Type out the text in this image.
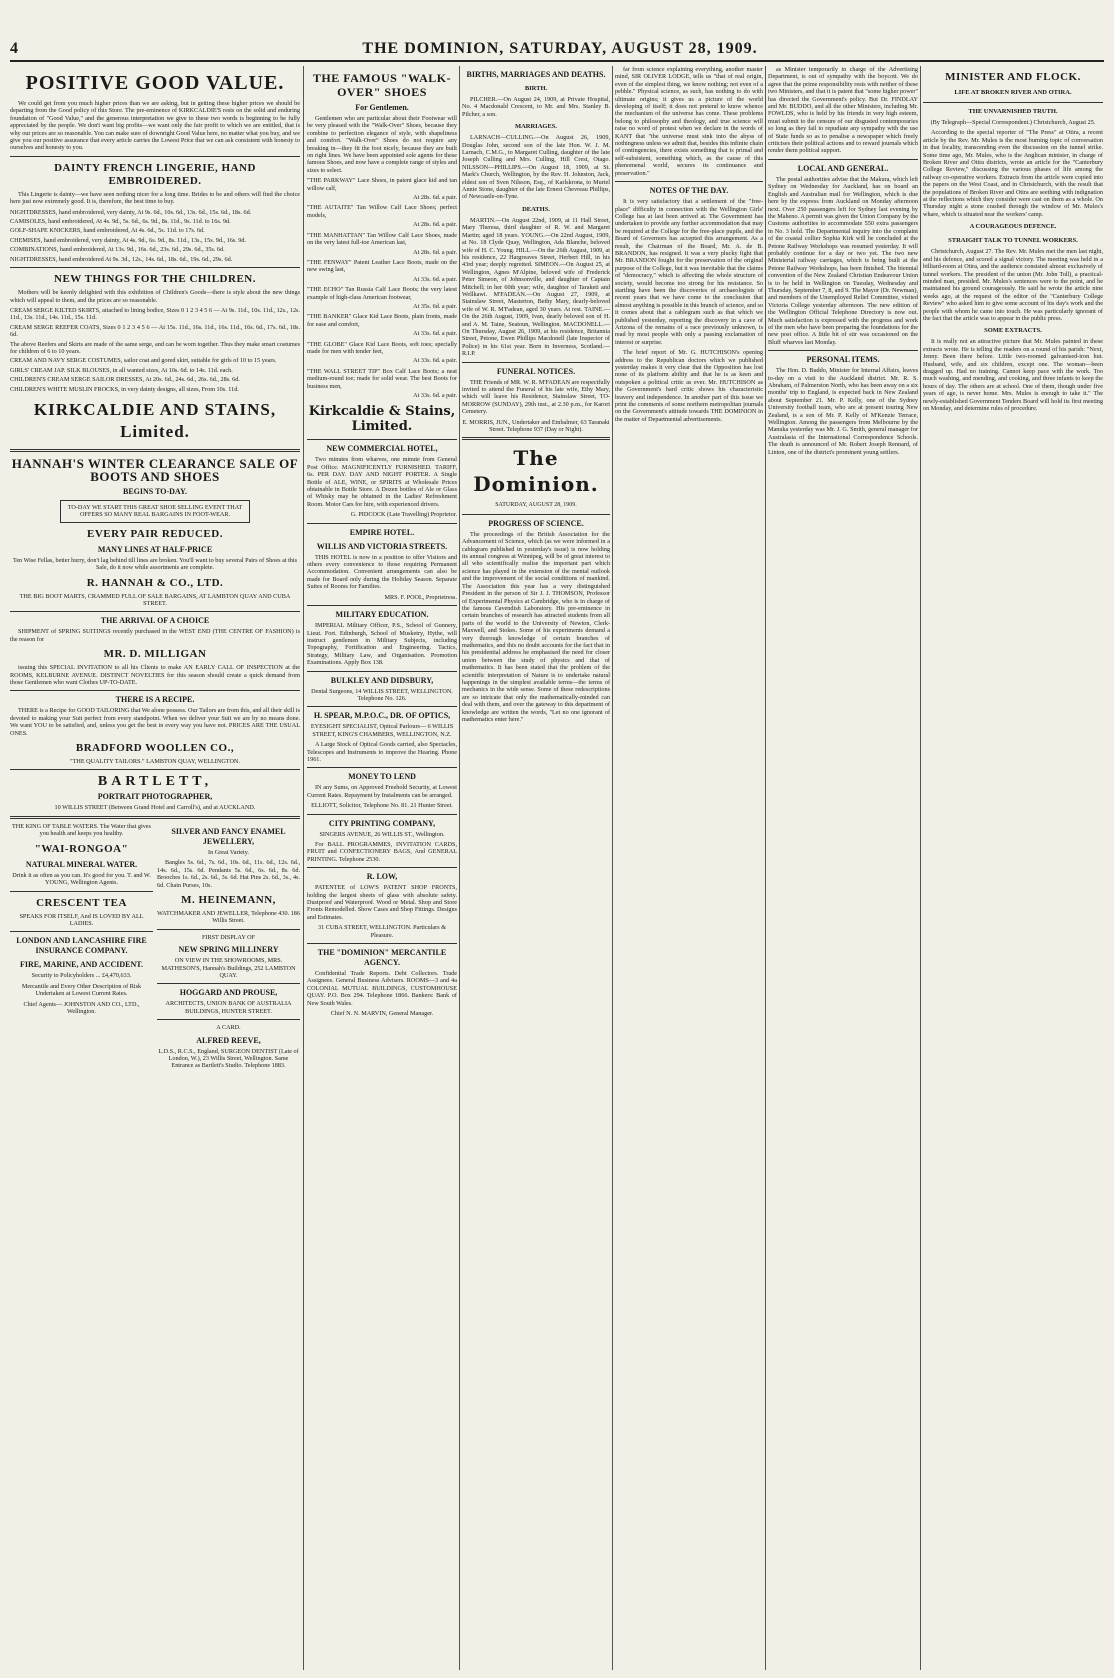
4	THE DOMINION, SATURDAY, AUGUST 28, 1909.
POSITIVE GOOD VALUE.

We could get from you much higher prices than we are asking, but in getting these higher prices we should be departing from the Good policy of this Store. The pre-eminence of KIRKCALDIE'S rests on the solid and enduring foundation of "Good Value," and the generous interpretation we give to these two words is beginning to be fully appreciated by the people. We don't want big profits—we want only the fair profit to which we are entitled, that is why our prices are so reasonable. You can make sure of downright Good Value here, no matter what you buy, and we give you our positive assurance that every article carries the Lowest Price that we can ask consistent with honesty to ourselves and honesty to you.

DAINTY FRENCH LINGERIE, HAND EMBROIDERED.

This Lingerie is dainty—we have seen nothing nicer for a long time. Brides to be and others will find the choice here just now extremely good. It is, therefore, the best time to buy.

NIGHTDRESSES, hand embroidered, very dainty, At 9s. 6d., 10s. 6d., 13s. 6d., 15s. 6d., 18s. 6d.

CAMISOLES, hand embroidered, At 4s. 9d., 5s. 6d., 6s. 9d., 8s. 11d., 9s. 11d. to 16s. 9d.

GOLF-SHAPE KNICKERS, hand embroidered, At 4s. 6d., 5s. 11d. to 17s. 6d.

CHEMISES, hand embroidered, very dainty, At 4s. 9d., 6s. 9d., 8s. 11d., 13s., 15s. 9d., 16s. 9d.

COMBINATIONS, hand embroidered, At 13s. 9d., 16s. 6d., 23s. 6d., 29s. 6d., 35s. 6d.

NIGHTDRESSES, hand embroidered At 9s. 3d., 12s., 14s. 6d., 18s. 6d., 19s. 6d., 29s. 6d.

NEW THINGS FOR THE CHILDREN.

Mothers will be keenly delighted with this exhibition of Children's Goods—there is style about the new things which will appeal to them, and the prices are so reasonable.

CREAM SERGE KILTED SKIRTS, attached to lining bodice, Sizes 0 1 2 3 4 5 6 — At 9s. 11d., 10s. 11d., 12s., 12s. 11d., 13s. 11d., 14s. 11d., 15s. 11d.

CREAM SERGE REEFER COATS, Sizes 0 1 2 3 4 5 6 — At 15s. 11d., 16s. 11d., 16s. 11d., 16s. 6d., 17s. 6d., 18s. 6d.

The above Reefers and Skirts are made of the same serge, and can be worn together. Thus they make smart costumes for children of 6 to 10 years.

CREAM AND NAVY SERGE COSTUMES, sailor coat and gored skirt, suitable for girls of 10 to 15 years.

GIRLS' CREAM JAP. SILK BLOUSES, in all wanted sizes, At 10s. 6d. to 14s. 11d. each.

CHILDREN'S CREAM SERGE SAILOR DRESSES, At 20s. 6d., 24s. 6d., 26s. 6d., 28s. 6d.

CHILDREN'S WHITE MUSLIN FROCKS, in very dainty designs, all sizes, From 10s. 11d.

KIRKCALDIE AND STAINS, Limited.
HANNAH'S WINTER CLEARANCE SALE OF BOOTS AND SHOES
BEGINS TO-DAY.
TO-DAY WE START THIS GREAT SHOE SELLING EVENT THAT OFFERS SO MANY REAL BARGAINS IN FOOT-WEAR.
EVERY PAIR REDUCED.
MANY LINES AT HALF-PRICE

Ten Wise Fellas, better hurry, don't lag behind till lines are broken. You'll want to buy several Pairs of Shoes at this Sale, do it now while assortments are complete.

R. HANNAH & CO., LTD.

THE BIG BOOT MARTS, CRAMMED FULL OF SALE BARGAINS, AT LAMBTON QUAY AND CUBA STREET.

THE ARRIVAL OF A CHOICE

SHIPMENT of SPRING SUITINGS recently purchased in the WEST END (THE CENTRE OF FASHION) is the reason for

MR. D. MILLIGAN

issuing this SPECIAL INVITATION to all his Clients to make AN EARLY CALL OF INSPECTION at the ROOMS, KELBURNE AVENUE. DISTINCT NOVELTIES for this season should create a quick demand from those Gentlemen who want Clothes UP-TO-DATE.

THERE IS A RECIPE.

THERE is a Recipe for GOOD TAILORING that We alone possess. Our Tailors are from this, and all their skill is devoted to making your Suit perfect from every standpoint. When we deliver your Suit we are by no means done. We want YOU to be satisfied, and, unless you get the best in every way you have not. PRICES ARE THE USUAL ONES.

BRADFORD WOOLLEN CO.,

"THE QUALITY TAILORS." LAMBTON QUAY, WELLINGTON.

BARTLETT,
PORTRAIT PHOTOGRAPHER,

10 WILLIS STREET (Between Grand Hotel and Carroll's), and at AUCKLAND.

THE KING OF TABLE WATERS. The Water that gives you health and keeps you healthy.

"WAI-RONGOA"
NATURAL MINERAL WATER.

Drink it as often as you can. It's good for you. T. and W. YOUNG, Wellington Agents.

CRESCENT TEA

SPEAKS FOR ITSELF, And IS LOVED BY ALL LADIES.

LONDON AND LANCASHIRE FIRE INSURANCE COMPANY.
FIRE, MARINE, AND ACCIDENT.

Security to Policyholders ... £4,470,633.

Mercantile and Every Other Description of Risk Undertaken at Lowest Current Rates.

Chief Agents— JOHNSTON AND CO., LTD., Wellington.

SILVER AND FANCY ENAMEL JEWELLERY,

In Great Variety.

Bangles 5s. 6d., 7s. 6d., 10s. 6d., 11s. 6d., 12s. 6d., 14s. 6d., 15s. 6d. Pendants 5s. 6d., 6s. 6d., 8s. 6d. Brooches 1s. 6d., 2s. 6d., 3s. 6d. Hat Pins 2s. 6d., 3s., 4s. 6d. Chain Purses, 10s.

M. HEINEMANN,

WATCHMAKER AND JEWELLER, Telephone 430. 186 Willis Street.

FIRST DISPLAY OF

NEW SPRING MILLINERY

ON VIEW IN THE SHOWROOMS, MRS. MATHESON'S, Hannah's Buildings, 252 LAMBTON QUAY.

HOGGARD AND PROUSE,

ARCHITECTS, UNION BANK OF AUSTRALIA BUILDINGS, HUNTER STREET.

A CARD.

ALFRED REEVE,

L.D.S., R.C.S., England, SURGEON DENTIST (Late of London, W.), 23 Willis Street, Wellington. Same Entrance as Bartlett's Studio. Telephone 1883.

THE FAMOUS "WALK-OVER" SHOES
For Gentlemen.

Gentlemen who are particular about their Footwear will be very pleased with the "Walk-Over" Shoes, because they combine to perfection elegance of style, with shapeliness and comfort. "Walk-Over" Shoes do not require any breaking in—they fit the foot nicely, because they are built on right lines. We have been appointed sole agents for these famous Shoes, and now have a complete range of styles and sizes to select.

"THE PARKWAY" Lace Shoes, in patent glace kid and tan willow calf,

At 28s. 6d. a pair.

"THE AUTAITE" Tan Willow Calf Lace Shoes; perfect models,

At 28s. 6d. a pair.

"THE MANHATTAN" Tan Willow Calf Lace Shoes, made on the very latest full-toe American last,

At 28s. 6d. a pair.

"THE FENWAY" Patent Leather Lace Boots, made on the new swing last,

At 33s. 6d. a pair.

"THE ECHO" Tan Russia Calf Lace Boots; the very latest example of high-class American footwear,

At 35s. 6d. a pair.

"THE BANKER" Glace Kid Lace Boots, plain fronts, made for ease and comfort,

At 33s. 6d. a pair.

"THE GLOBE" Glace Kid Lace Boots, soft toes; specially made for men with tender feet,

At 33s. 6d. a pair.

"THE WALL STREET TIP" Box Calf Lace Boots; a neat medium-round toe; made for solid wear. The best Boots for business men,

At 33s. 6d. a pair.

Kirkcaldie & Stains, Limited.
NEW COMMERCIAL HOTEL,

Two minutes from wharves, one minute from General Post Office. MAGNIFICENTLY FURNISHED. TARIFF, 6s. PER DAY. DAY AND NIGHT PORTER. A Single Bottle of ALE, WINE, or SPIRITS at Wholesale Prices obtainable in Bottle Store. A Dozen bottles of Ale or Glass of Whisky may be obtained in the Ladies' Refreshment Room. Motor Cars for hire, with experienced drivers.

G. PIDCOCK (Late Travelling) Proprietor.

EMPIRE HOTEL.
WILLIS AND VICTORIA STREETS.

THIS HOTEL is now in a position to offer Visitors and others every convenience to those requiring Permanent Accommodation. Convenient arrangements can also be made for Board only during the Holiday Season. Separate Suites of Rooms for Families.

MRS. F. POOL, Proprietress.

MILITARY EDUCATION.

IMPERIAL Military Officer, P.S., School of Gunnery, Lieut. Fort. Edinburgh, School of Musketry, Hythe, will instruct gentlemen in Military Subjects, including Topography, Fortification and Engineering. Tactics, Strategy, Military Law, and Organisation. Promotion Examinations. Apply Box 138.

BULKLEY AND DIDSBURY,

Dental Surgeons, 14 WILLIS STREET, WELLINGTON. Telephone No. 126.

H. SPEAR, M.P.O.C., DR. OF OPTICS,

EYESIGHT SPECIALIST, Optical Parlours— 6 WILLIS STREET, KING'S CHAMBERS, WELLINGTON, N.Z.

A Large Stock of Optical Goods carried, also Spectacles, Telescopes and Instruments to improve the Hearing. Phone 1961.

MONEY TO LEND

IN any Sums, on Approved Freehold Security, at Lowest Current Rates. Repayment by Instalments can be arranged.

ELLIOTT, Solicitor, Telephone No. 81. 21 Hunter Street.

CITY PRINTING COMPANY,

SINGERS AVENUE, 26 WILLIS ST., Wellington.

For BALL PROGRAMMES, INVITATION CARDS, FRUIT and CONFECTIONERY BAGS, And GENERAL PRINTING. Telephone 2530.

R. LOW,

PATENTEE of LOW'S PATENT SHOP FRONTS, holding the largest sheets of glass with absolute safety. Dustproof and Waterproof. Wood or Metal. Shop and Store Fronts Remodelled. Show Cases and Shop Fittings. Designs and Estimates.

31 CUBA STREET, WELLINGTON. Particulars & Pleasure.

THE "DOMINION" MERCANTILE AGENCY.

Confidential Trade Reports. Debt Collectors. Trade Assignees. General Business Advisers. ROOMS—3 and 4a COLONIAL MUTUAL BUILDINGS, CUSTOMHOUSE QUAY. P.O. Box 294. Telephone 1866. Bankers: Bank of New South Wales.

Chief N. N. MARVIN, General Manager.

BIRTHS, MARRIAGES AND DEATHS.
BIRTH.

PILCHER.—On August 24, 1909, at Private Hospital, No. 4 Macdonald Crescent, to Mr. and Mrs. Stanley B. Pilcher, a son.

MARRIAGES.

LARNACH—CULLING.—On August 26, 1909, Douglas John, second son of the late Hon. W. J. M. Larnach, C.M.G., to Margaret Culling, daughter of the late Joseph Culling and Mrs. Culling, Hill Crest, Otago. NILSSON—PHILLIPS.—On August 18, 1909, at St. Mark's Church, Wellington, by the Rev. H. Johnston, Jack, eldest son of Sven Nilsson, Esq., of Karlskrona, to Muriel Annie Stone, daughter of the late Ernest Chevreau Phillips, of Newcastle-on-Tyne.

DEATHS.

MARTIN.—On August 22nd, 1909, at 11 Hall Street, Mary Theresa, third daughter of R. W. and Margaret Martin; aged 18 years. YOUNG.—On 22nd August, 1909, at No. 18 Clyde Quay, Wellington, Ada Blanche, beloved wife of H. C. Young. HILL.—On the 26th August, 1909, at his residence, 22 Hargreaves Street, Herbert Hill, in his 43rd year; deeply regretted. SIMEON.—On August 25, at Wellington, Agnes M'Alpine, beloved wife of Frederick Peter Simeon, of Johnsonville, and daughter of Captain Mitchell; in her 60th year; wife, daughter of Taraketi and Wellkawi. M'FADEAN.—On August 27, 1909, at Stainslaw Street, Masterton, Bethy Mary, dearly-beloved wife of W. R. M'Fadean, aged 30 years. At rest. TAINE.—On the 26th August, 1909, Ivan, dearly beloved son of H. and A. M. Taine, Seatoun, Wellington. MACDONELL.—On Thursday, August 26, 1909, at his residence, Britannia Street, Petone, Ewen Phillips Macdonell (late Inspector of Police) in his 61st year. Born in Inverness, Scotland.—R.I.P.

FUNERAL NOTICES.

THE Friends of MR. W. R. M'FADEAN are respectfully invited to attend the Funeral of his late wife, Ethy Mary, which will leave his Residence, Stainslaw Street, TO-MORROW (SUNDAY), 29th inst., at 2.30 p.m., for Karori Cemetery.

E. MORRIS, JUN., Undertaker and Embalmer, 63 Taranaki Street. Telephone 937 (Day or Night).

The Dominion.
SATURDAY, AUGUST 28, 1909.
PROGRESS OF SCIENCE.

The proceedings of the British Association for the Advancement of Science, which (as we were informed in a cablegram published in yesterday's issue) is now holding its annual congress at Winnipeg, will be of great interest to all who scientifically realise the important part which science has played in the extension of the mental outlook and the improvement of the social conditions of mankind. The Association this year has a very distinguished President in the person of Sir J. J. THOMSON, Professor of Experimental Physics at Cambridge, who is in charge of the famous Cavendish Laboratory. His pre-eminence in certain branches of research has attracted students from all parts of the world to the University of Newton, Clerk-Maxwell, and Stokes. Some of his experiments demand a very thorough knowledge of certain branches of mathematics, and this no doubt accounts for the fact that in his presidential address he emphasised the need for closer union between the study of physics and that of mathematics. It has been stated that the problem of the scientific interpretation of Nature is to undertake natural happenings in the simplest available terms—the terms of mechanics in the wide sense. Some of these redescriptions are so intricate that only the mathematically-minded can deal with them, and over the gateway to this department of knowledge are written the words, "Let no one ignorant of mathematics enter here."

far from science explaining everything, another master mind, SIR OLIVER LODGE, tells us "that of real origin, even of the simplest thing, we know nothing; not even of a pebble." Physical science, as such, has nothing to do with ultimate origins; it gives us a picture of the world developing of itself; it does not pretend to know whence the mechanism of the universe has come. These problems belong to philosophy and theology, and true science will raise no word of protest when we declare in the words of KANT that "the universe must sink into the abyss of nothingness unless we admit that, besides this infinite chain of contingencies, there exists something that is primal and self-subsistent, something which, as the cause of this phenomenal world, secures its continuance and preservation."

NOTES OF THE DAY.

It is very satisfactory that a settlement of the "free-place" difficulty in connection with the Wellington Girls' College has at last been arrived at. The Government has undertaken to provide any further accommodation that may be required at the College for the free-place pupils, and the Board of Governors has accepted this arrangement. As a result, the Chairman of the Board, Mr. A. de B. BRANDON, has resigned. It was a very plucky fight that Mr. BRANDON fought for the preservation of the original purpose of the College, but it was inevitable that the claims of "democracy," which is affecting the whole structure of society, would become too strong for his resistance. So startling have been the discoveries of archaeologists of recent years that we have come to the conclusion that almost anything is possible in this branch of science, and so it comes about that a cablegram such as that which we published yesterday, reporting the discovery in a cave of Arizona of the remains of a race previously unknown, is read by most people with only a passing exclamation of interest or surprise.

The brief report of Mr. G. HUTCHISON's opening address to the Republican doctors which we published yesterday makes it very clear that the Opposition has lost none of its platform ability and that he is as keen and outspoken a political critic as ever. Mr. HUTCHISON as the Government's hard critic shows his characteristic bravery and independence. In another part of this issue we print the comments of some northern metropolitan journals on the Government's attitude towards THE DOMINION in the matter of Departmental advertisements.

as Minister temporarily in charge of the Advertising Department, is out of sympathy with the boycott. We do agree that the prime responsibility rests with neither of these two Ministers, and that it is patent that "some higher power" has directed the Government's policy. But Dr. FINDLAY and Mr. BUDDO, and all the other Ministers, including Mr. FOWLDS, who is held by his friends in very high esteem, must submit to the censure of our disgusted contemporaries so long as they fail to repudiate any sympathy with the use of State funds so as to penalise a newspaper which freely criticises their political actions and to reward journals which render them political support.

LOCAL AND GENERAL.

The postal authorities advise that the Makura, which left Sydney on Wednesday for Auckland, has on board an English and Australian mail for Wellington, which is due here by the express from Auckland on Monday afternoon next. Over 250 passengers left for Sydney last evening by the Maheno. A permit was given the Union Company by the Customs authorities to accommodate 550 extra passengers in No. 3 hold. The Departmental inquiry into the complaint of the coastal collier Sophia Kirk will be concluded at the Petone Railway Workshops was resumed yesterday. It will probably continue for a day or two yet. The two new Ministerial railway carriages, which is being built at the Petone Railway Workshops, has been finished. The biennial convention of the New Zealand Christian Endeavour Union is to be held in Wellington on Tuesday, Wednesday and Thursday, September 7, 8, and 9. The Mayor (Dr. Newman), and members of the Unemployed Relief Committee, visited Victoria College yesterday afternoon. The new edition of the Wellington Official Telephone Directory is now out. Much satisfaction is expressed with the progress and work of the men who have been preparing the foundations for the new post office. A little bit of stir was occasioned on the Bluff wharves last Monday.

PERSONAL ITEMS.

The Hon. D. Buddo, Minister for Internal Affairs, leaves to-day on a visit to the Auckland district. Mr. R. S. Abraham, of Palmerston North, who has been away on a six months' trip to England, is expected back in New Zealand about September 21. Mr. P. Kelly, one of the Sydney University football team, who are at present touring New Zealand, is a son of Mr. P. Kelly of M'Kenzie Terrace, Wellington. Among the passengers from Melbourne by the Manuka yesterday was Mr. J. G. Smith, general manager for Australasia of the International Correspondence Schools. The death is announced of Mr. Robert Joseph Rennard, of Linton, one of the district's prominent young settlers.

MINISTER AND FLOCK.
LIFE AT BROKEN RIVER AND OTIRA.
THE UNVARNISHED TRUTH.

(By Telegraph—Special Correspondent.) Christchurch, August 25.

According to the special reporter of "The Press" at Otira, a recent article by the Rev. Mr. Mules is the most burning topic of conversation in that locality, transcending even the discussion on the tunnel strike. Some time ago, Mr. Mules, who is the Anglican minister, in charge of Broken River and Otira districts, wrote an article for the "Canterbury College Review," discussing the various phases of life among the railway co-operative workers. Extracts from the article were copied into the papers on the West Coast, and in Christchurch, with the result that the populations of Broken River and Otira are seething with indignation at the reflections which they consider were cast on them as a whole. On Thursday night a stone crashed through the window of Mr. Mules's whare, which is situated near the workers' camp.

A COURAGEOUS DEFENCE.
STRAIGHT TALK TO TUNNEL WORKERS.

Christchurch, August 27. The Rev. Mr. Mules met the men last night, and his defence, and scored a signal victory. The meeting was held in a billiard-room at Otira, and the audience consisted almost exclusively of tunnel workers. The president of the union (Mr. John Toll), a practical-minded man, presided. Mr. Mules's sentences were to the point, and he maintained his ground courageously. He said he wrote the article nine weeks ago, at the request of the editor of the "Canterbury College Review" who asked him to give some account of his day's work and the people with whom he came into touch. He was particularly ignorant of the fact that the article was to appear in the public press.

SOME EXTRACTS.

It is really not an attractive picture that Mr. Mules painted in these extracts wrote. He is telling the readers on a round of his parish: "Next, Jenny. Been there before. Little two-roomed galvanised-iron hut. Husband, wife, and six children, except one. The woman—been dragged up. Had no training. Cannot keep pace with the work. Too much washing, and mending, and cooking, and three infants to keep the hours of day. The others are at school. One of them, though under five years of age, is never home. Mrs. Mules is enough to take it." The newly-established Government Tenders Board will hold its first meeting on Monday, and determine rules of procedure.
